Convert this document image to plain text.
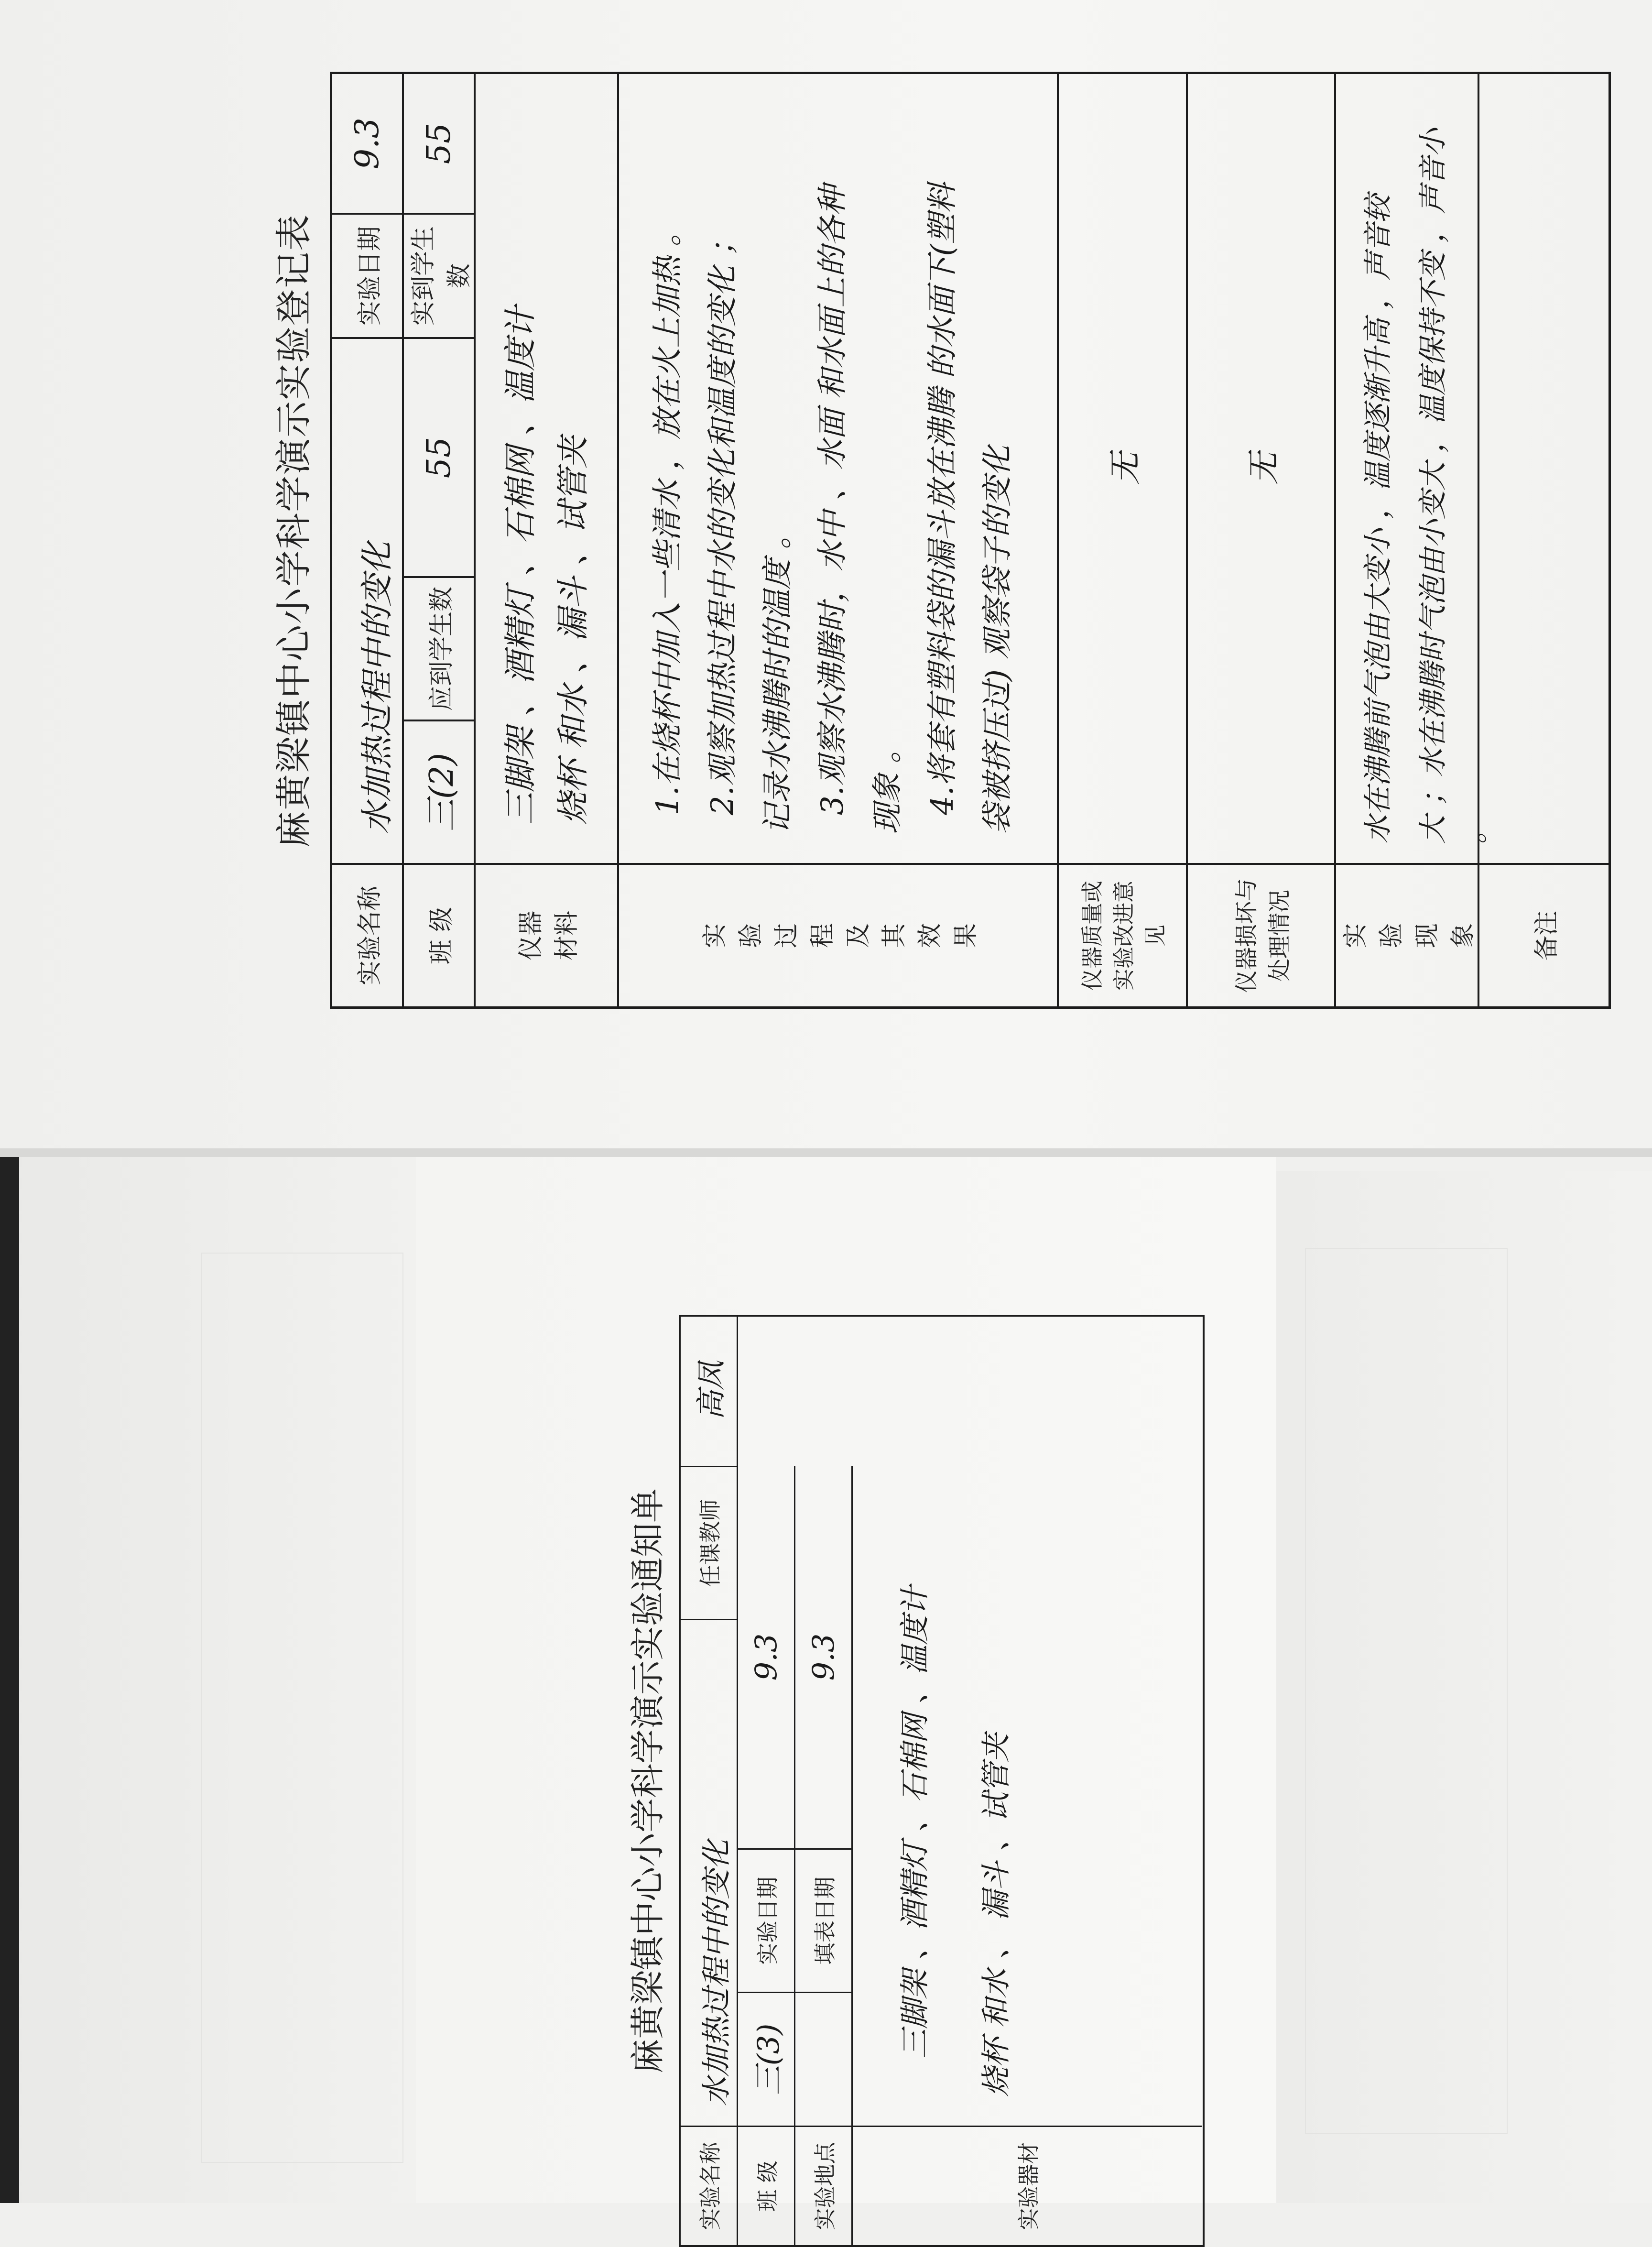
麻黄梁镇中心小学科学演示实验登记表
实验名称
水加热过程中的变化
实验日期
9.3
班 级
三(2)
应到学生数
55
实到学生数
55
仪器材料
三脚架 、酒精灯 、石棉网 、温度计 烧杯 和水 、漏斗 、试管夹
实验过程及其效果
1.在烧杯中加入一些清水 ，放在火上加热 。 2.观察加热过程中水的变化和温度的变化 ； 记录水沸腾时的温度 。 3.观察水沸腾时，水中 、水面 和水面上的各种 现象 。 4.将套有塑料袋的漏斗放在沸腾 的水面下(塑料 袋被挤压过) 观察袋子的变化
仪器质量或实验改进意见
无
仪器损坏与处理情况
无
实验现象
水在沸腾前气泡由大变小 ，温度逐渐升高 ，声音较 大 ；水在沸腾时气泡由小变大 ，温度保持不变 ，声音小 。
备注
麻黄梁镇中心小学科学演示实验通知单
实验名称
水加热过程中的变化
任课教师
高凤
班 级
三(3)
实验日期
9.3
实验地点
填表日期
9.3
实验器材
三脚架 、酒精灯 、石棉网 、温度计	烧杯 和水 、 漏斗 、试管夹
